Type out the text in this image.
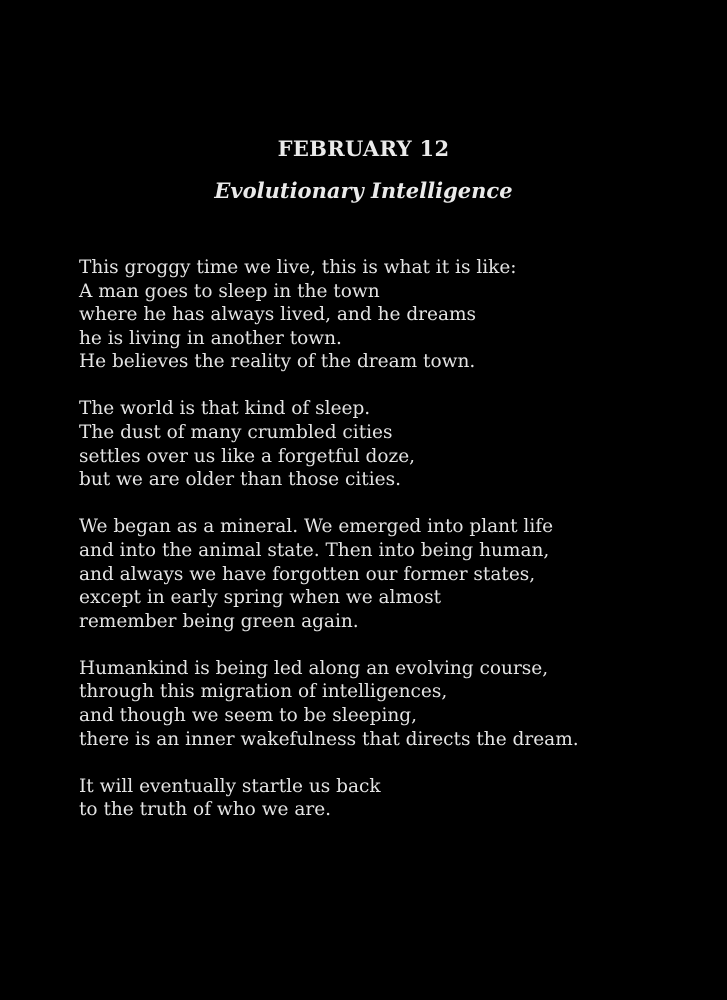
FEBRUARY 12
Evolutionary Intelligence
This groggy time we live, this is what it is like:
A man goes to sleep in the town
where he has always lived, and he dreams
he is living in another town.
He believes the reality of the dream town.
The world is that kind of sleep.
The dust of many crumbled cities
settles over us like a forgetful doze,
but we are older than those cities.
We began as a mineral. We emerged into plant life
and into the animal state. Then into being human,
and always we have forgotten our former states,
except in early spring when we almost
remember being green again.
Humankind is being led along an evolving course,
through this migration of intelligences,
and though we seem to be sleeping,
there is an inner wakefulness that directs the dream.
It will eventually startle us back
to the truth of who we are.
